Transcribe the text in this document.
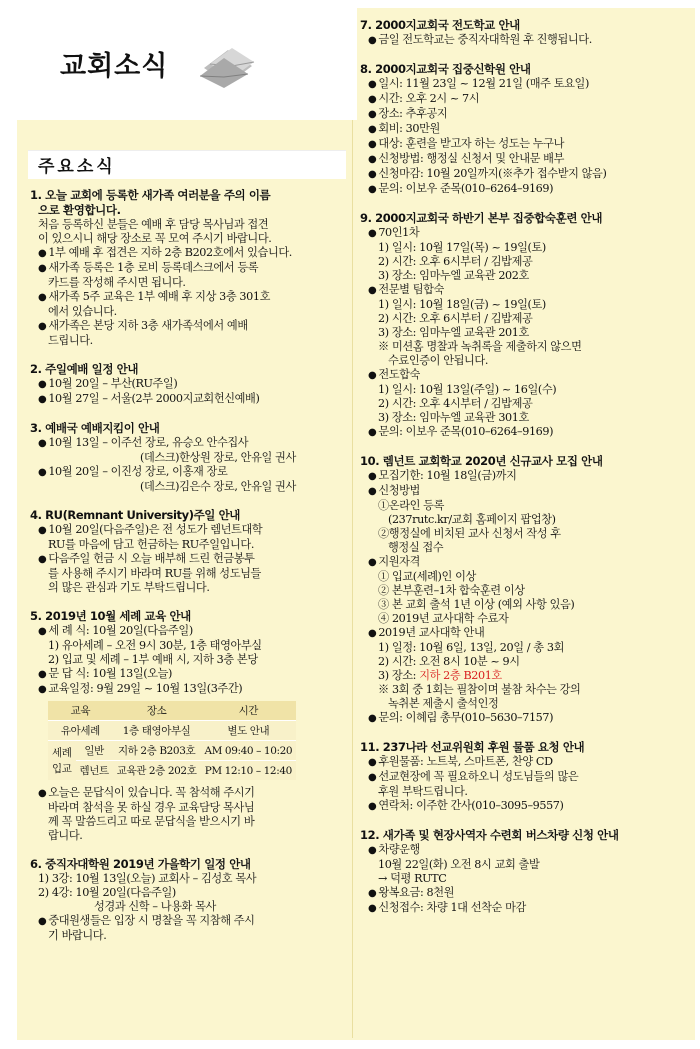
교회소식
주요소식
1. 오늘 교회에 등록한 새가족 여러분을 주의 이름
으로 환영합니다.
처음 등록하신 분들은 예배 후 담당 목사님과 접견
이 있으시니 해당 장소로 꼭 모여 주시기 바랍니다.
● 1부 예배 후 접견은 지하 2층 B202호에서 있습니다.
● 새가족 등록은 1층 로비 등록데스크에서 등록
카드를 작성해 주시면 됩니다.
● 새가족 5주 교육은 1부 예배 후 지상 3층 301호
에서 있습니다.
● 새가족은 본당 지하 3층 새가족석에서 예배
드립니다.
2. 주일예배 일정 안내
● 10월 20일 – 부산(RU주일)
● 10월 27일 – 서울(2부 2000지교회헌신예배)
3. 예배국 예배지킴이 안내
● 10월 13일 – 이주선 장로, 유승오 안수집사
(데스크)한상원 장로, 안유일 권사
● 10월 20일 – 이진성 장로, 이홍재 장로
(데스크)김은수 장로, 안유일 권사
4. RU(Remnant University)주일 안내
● 10월 20일(다음주일)은 전 성도가 렘넌트대학
RU를 마음에 담고 헌금하는 RU주일입니다.
● 다음주일 헌금 시 오늘 배부해 드린 헌금봉투
를 사용해 주시기 바라며 RU를 위해 성도님들
의 많은 관심과 기도 부탁드립니다.
5. 2019년 10월 세례 교육 안내
● 세 례 식: 10월 20일(다음주일)
1) 유아세례 – 오전 9시 30분, 1층 태영아부실
2) 입교 및 세례 – 1부 예배 시, 지하 3층 본당
● 문 답 식: 10월 13일(오늘)
● 교육일정: 9월 29일 ~ 10월 13일(3주간)
교육		장소	시간
유아세례		1층 태영아부실	별도 안내
세례
입교	일반	지하 2층 B203호	AM 09:40 – 10:20
	렘넌트	교육관 2층 202호	PM 12:10 – 12:40
● 오늘은 문답식이 있습니다. 꼭 참석해 주시기
바라며 참석을 못 하실 경우 교육담당 목사님
께 꼭 말씀드리고 따로 문답식을 받으시기 바
랍니다.
6. 중직자대학원 2019년 가을학기 일정 안내
1) 3강: 10월 13일(오늘) 교회사 – 김성호 목사
2) 4강: 10월 20일(다음주일)
성경과 신학 – 나용화 목사
● 중대원생들은 입장 시 명찰을 꼭 지참해 주시
기 바랍니다.
7. 2000지교회국 전도학교 안내
● 금일 전도학교는 중직자대학원 후 진행됩니다.
8. 2000지교회국 집중신학원 안내
● 일시: 11월 23일 ~ 12월 21일 (매주 토요일)
● 시간: 오후 2시 ~ 7시
● 장소: 추후공지
● 회비: 30만원
● 대상: 훈련을 받고자 하는 성도는 누구나
● 신청방법: 행정실 신청서 및 안내문 배부
● 신청마감: 10월 20일까지(※추가 접수받지 않음)
● 문의: 이보우 준목(010–6264–9169)
9. 2000지교회국 하반기 본부 집중합숙훈련 안내
● 70인1차
1) 일시: 10월 17일(목) ~ 19일(토)
2) 시간: 오후 6시부터 / 김밥제공
3) 장소: 임마누엘 교육관 202호
● 전문별 팀합숙
1) 일시: 10월 18일(금) ~ 19일(토)
2) 시간: 오후 6시부터 / 김밥제공
3) 장소: 임마누엘 교육관 201호
※ 미션홈 명찰과 녹취록을 제출하지 않으면
수료인증이 안됩니다.
● 전도합숙
1) 일시: 10월 13일(주일) ~ 16일(수)
2) 시간: 오후 4시부터 / 김밥제공
3) 장소: 임마누엘 교육관 301호
● 문의: 이보우 준목(010–6264–9169)
10. 렘넌트 교회학교 2020년 신규교사 모집 안내
● 모집기한: 10월 18일(금)까지
● 신청방법
①온라인 등록
(237rutc.kr/교회 홈페이지 팝업창)
②행정실에 비치된 교사 신청서 작성 후
행정실 접수
● 지원자격
① 입교(세례)인 이상
② 본부훈련–1차 합숙훈련 이상
③ 본 교회 출석 1년 이상 (예외 사항 있음)
④ 2019년 교사대학 수료자
● 2019년 교사대학 안내
1) 일정: 10월 6일, 13일, 20일 / 총 3회
2) 시간: 오전 8시 10분 ~ 9시
3) 장소: 지하 2층 B201호
※ 3회 중 1회는 필참이며 불참 차수는 강의
녹취본 제출시 출석인정
● 문의: 이혜림 총무(010–5630–7157)
11. 237나라 선교위원회 후원 물품 요청 안내
● 후원물품: 노트북, 스마트폰, 찬양 CD
● 선교현장에 꼭 필요하오니 성도님들의 많은
후원 부탁드립니다.
● 연락처: 이주한 간사(010–3095–9557)
12. 새가족 및 현장사역자 수련회 버스차량 신청 안내
● 차량운행
10월 22일(화) 오전 8시 교회 출발
→ 덕평 RUTC
● 왕복요금: 8천원
● 신청접수: 차량 1대 선착순 마감
